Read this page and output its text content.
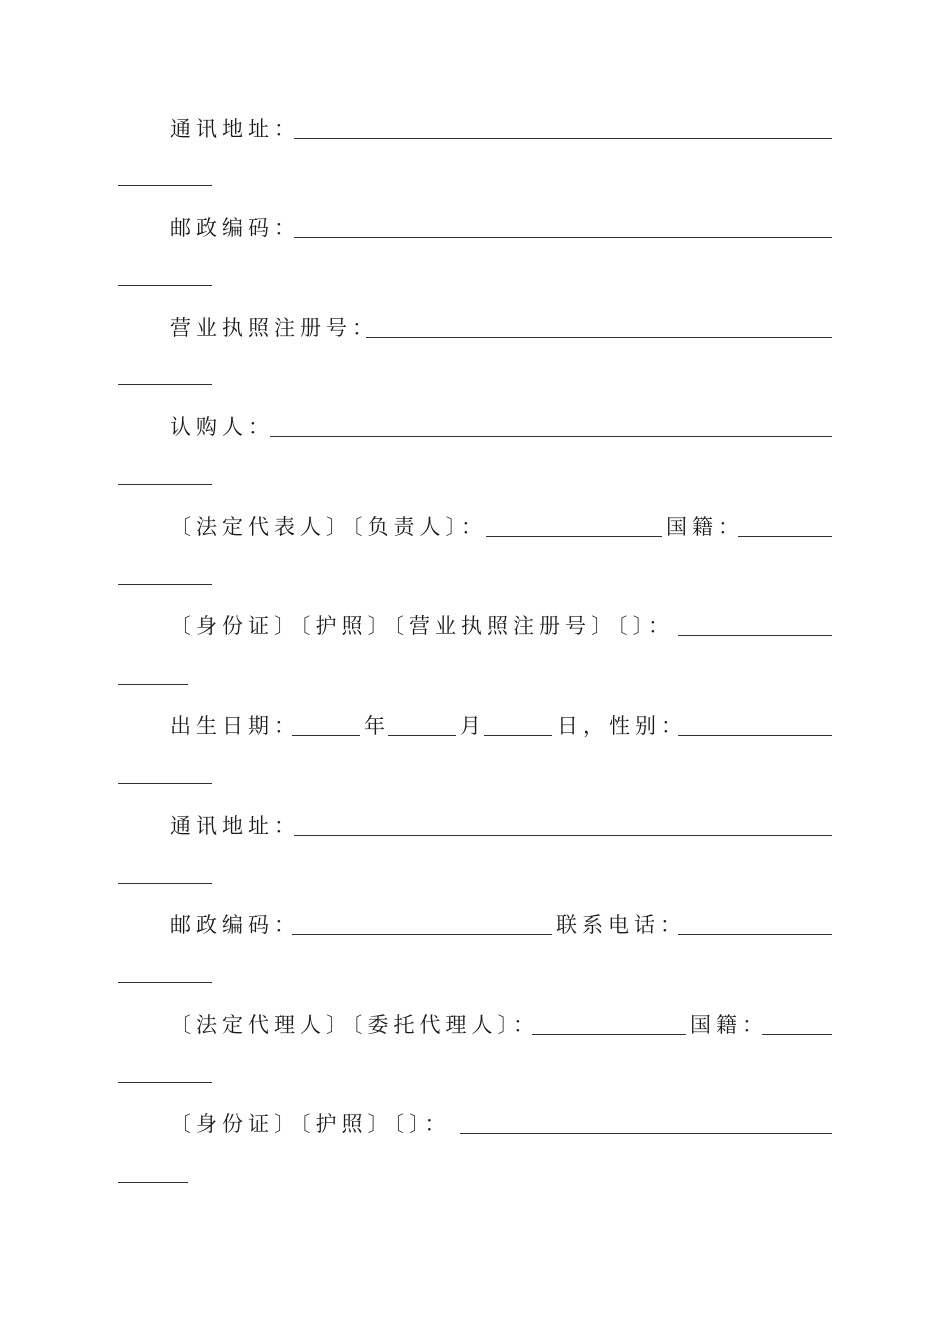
通讯地址：
邮政编码：
营业执照注册号：
认购人：
〔法定代表人〕〔负责人〕：	国籍：
〔身份证〕〔护照〕〔营业执照注册号〕〔〕：
出生日期：	年	月	日，性别：
通讯地址：
邮政编码：	联系电话：
〔法定代理人〕〔委托代理人〕：	国籍：
〔身份证〕〔护照〕〔〕：
